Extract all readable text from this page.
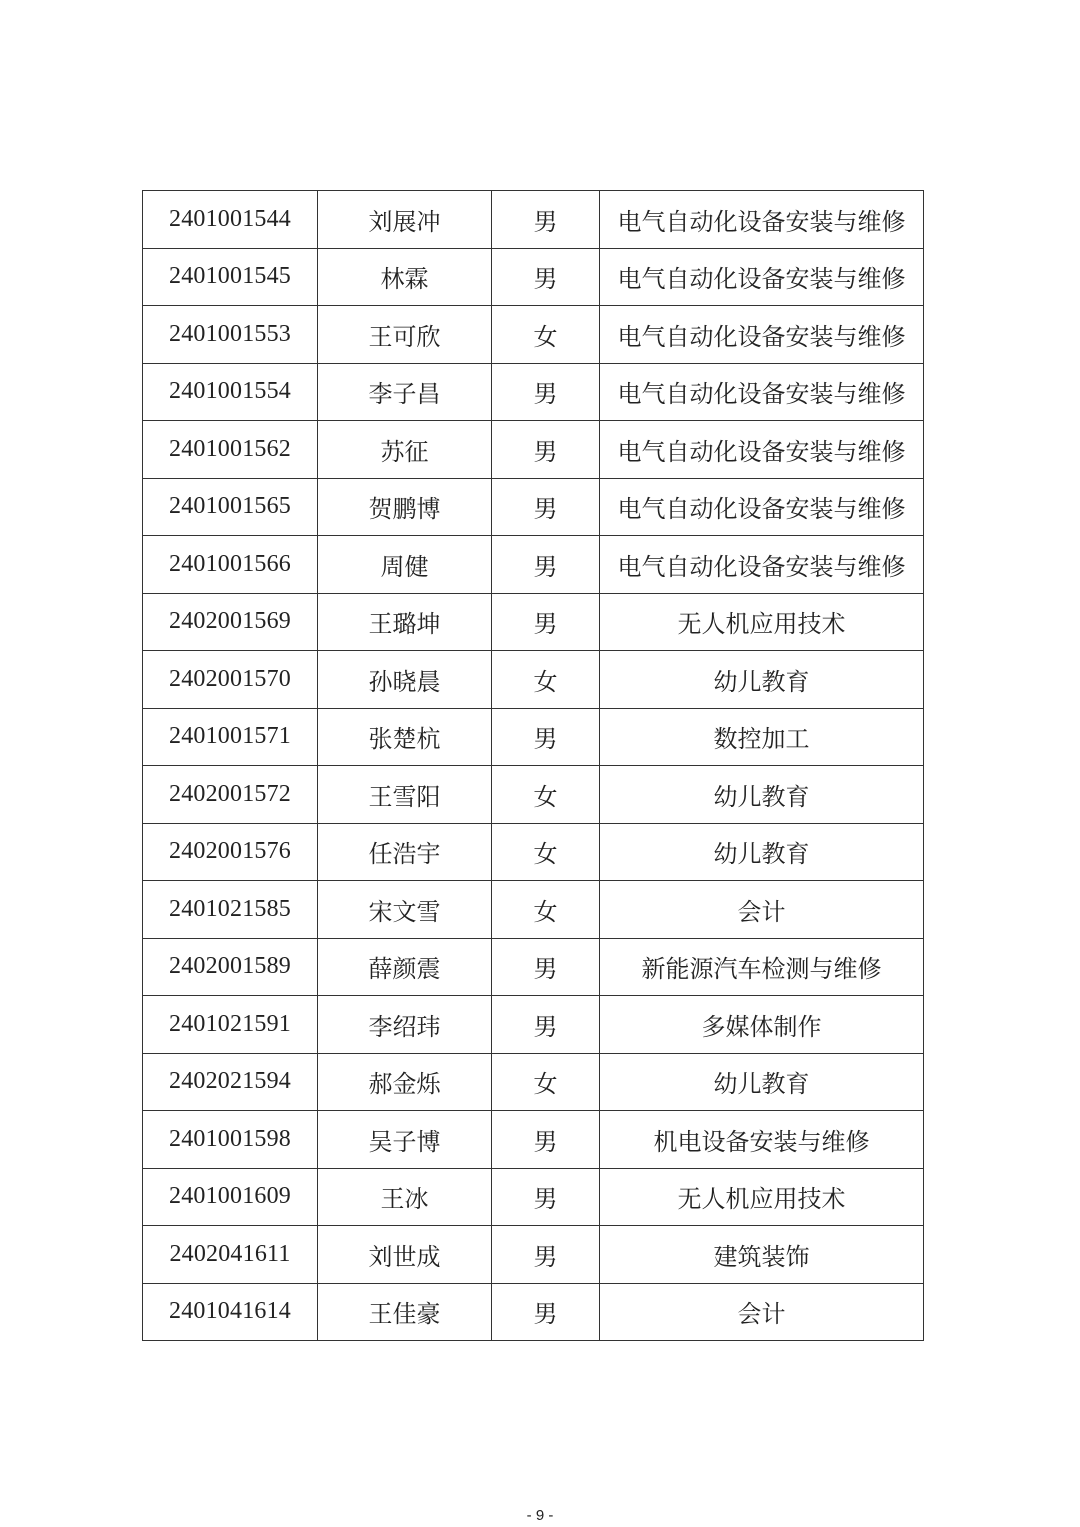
2401001544	刘展冲	男	电气自动化设备安装与维修
2401001545	林霖	男	电气自动化设备安装与维修
2401001553	王可欣	女	电气自动化设备安装与维修
2401001554	李子昌	男	电气自动化设备安装与维修
2401001562	苏征	男	电气自动化设备安装与维修
2401001565	贺鹏博	男	电气自动化设备安装与维修
2401001566	周健	男	电气自动化设备安装与维修
2402001569	王璐坤	男	无人机应用技术
2402001570	孙晓晨	女	幼儿教育
2401001571	张楚杭	男	数控加工
2402001572	王雪阳	女	幼儿教育
2402001576	任浩宇	女	幼儿教育
2401021585	宋文雪	女	会计
2402001589	薛颜震	男	新能源汽车检测与维修
2401021591	李绍玮	男	多媒体制作
2402021594	郝金烁	女	幼儿教育
2401001598	吴子博	男	机电设备安装与维修
2401001609	王冰	男	无人机应用技术
2402041611	刘世成	男	建筑装饰
2401041614	王佳豪	男	会计
- 9 -
